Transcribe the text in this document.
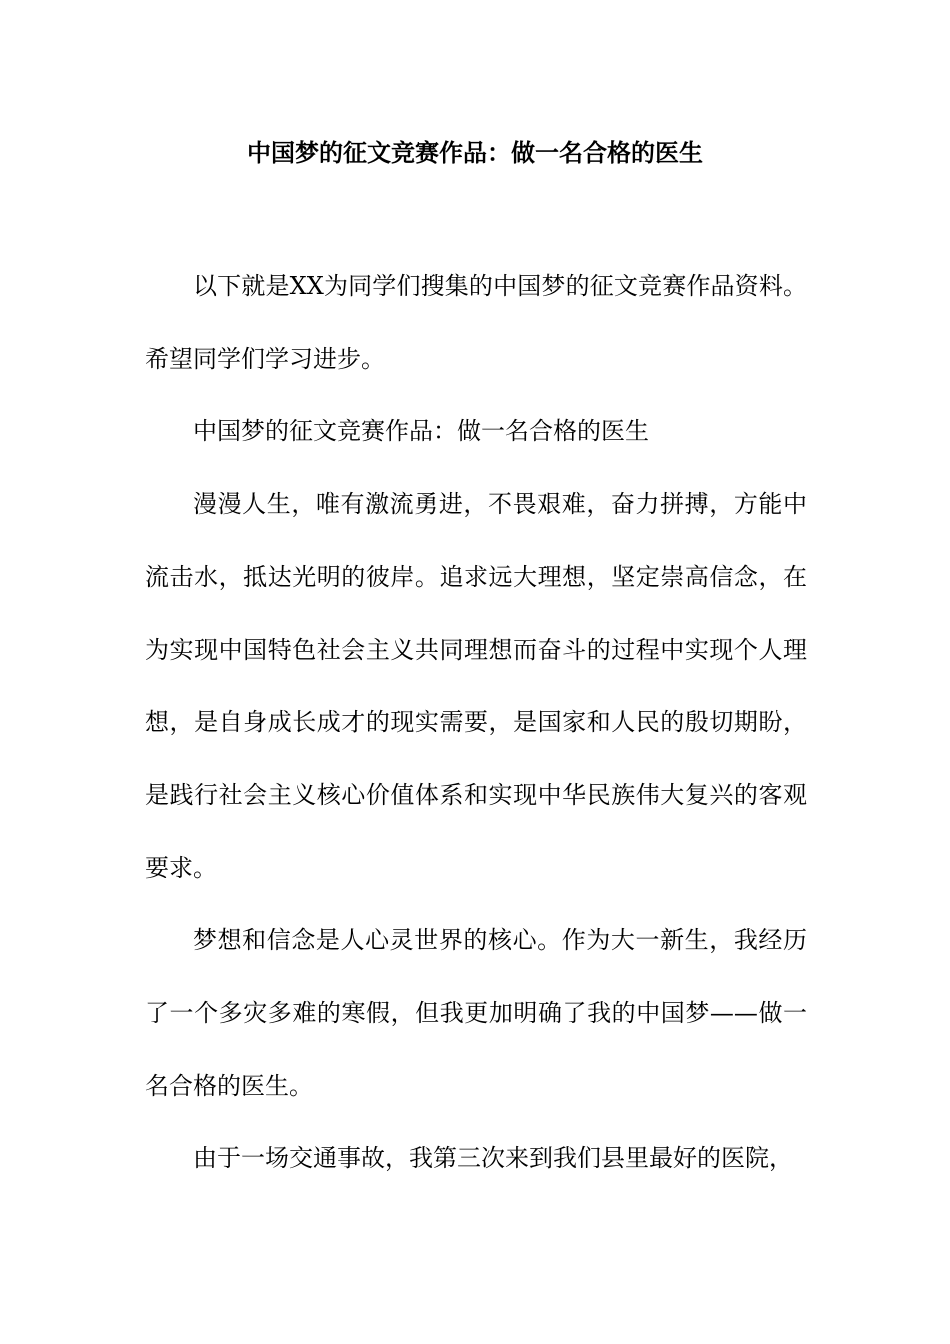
中国梦的征文竞赛作品：做一名合格的医生

以下就是XX为同学们搜集的中国梦的征文竞赛作品资料。希望同学们学习进步。

中国梦的征文竞赛作品：做一名合格的医生

漫漫人生，唯有激流勇进，不畏艰难，奋力拼搏，方能中流击水，抵达光明的彼岸。追求远大理想，坚定崇高信念，在为实现中国特色社会主义共同理想而奋斗的过程中实现个人理想，是自身成长成才的现实需要，是国家和人民的殷切期盼，是践行社会主义核心价值体系和实现中华民族伟大复兴的客观要求。

梦想和信念是人心灵世界的核心。作为大一新生，我经历了一个多灾多难的寒假，但我更加明确了我的中国梦——做一名合格的医生。

由于一场交通事故，我第三次来到我们县里最好的医院，
